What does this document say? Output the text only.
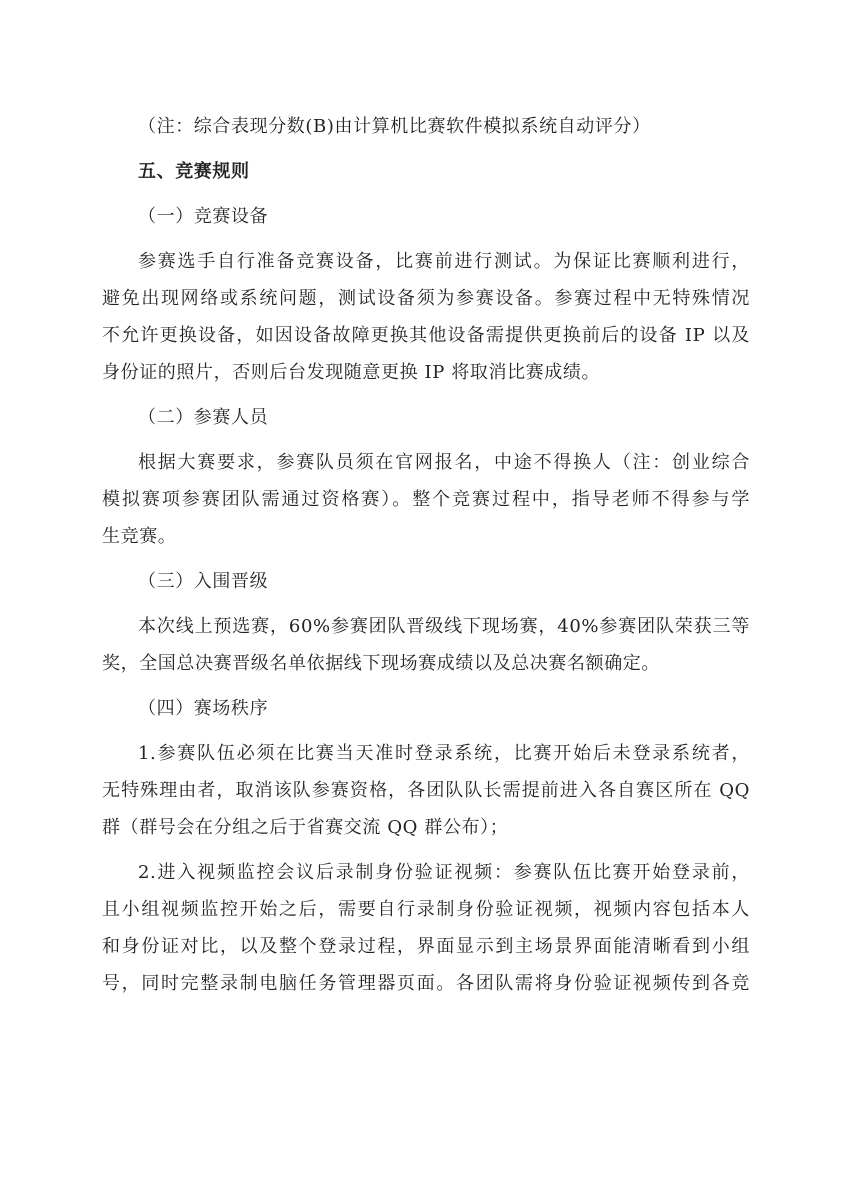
（注：综合表现分数(B)由计算机比赛软件模拟系统自动评分）
五、竞赛规则
（一）竞赛设备
参赛选手自行准备竞赛设备，比赛前进行测试。为保证比赛顺利进行，
避免出现网络或系统问题，测试设备须为参赛设备。参赛过程中无特殊情况
不允许更换设备，如因设备故障更换其他设备需提供更换前后的设备 IP 以及
身份证的照片，否则后台发现随意更换 IP 将取消比赛成绩。
（二）参赛人员
根据大赛要求，参赛队员须在官网报名，中途不得换人（注：创业综合
模拟赛项参赛团队需通过资格赛）。整个竞赛过程中，指导老师不得参与学
生竞赛。
（三）入围晋级
本次线上预选赛，60%参赛团队晋级线下现场赛，40%参赛团队荣获三等
奖，全国总决赛晋级名单依据线下现场赛成绩以及总决赛名额确定。
（四）赛场秩序
1.参赛队伍必须在比赛当天准时登录系统，比赛开始后未登录系统者，
无特殊理由者，取消该队参赛资格，各团队队长需提前进入各自赛区所在 QQ
群（群号会在分组之后于省赛交流 QQ 群公布）；
2.进入视频监控会议后录制身份验证视频：参赛队伍比赛开始登录前，
且小组视频监控开始之后，需要自行录制身份验证视频，视频内容包括本人
和身份证对比，以及整个登录过程，界面显示到主场景界面能清晰看到小组
号，同时完整录制电脑任务管理器页面。各团队需将身份验证视频传到各竞
